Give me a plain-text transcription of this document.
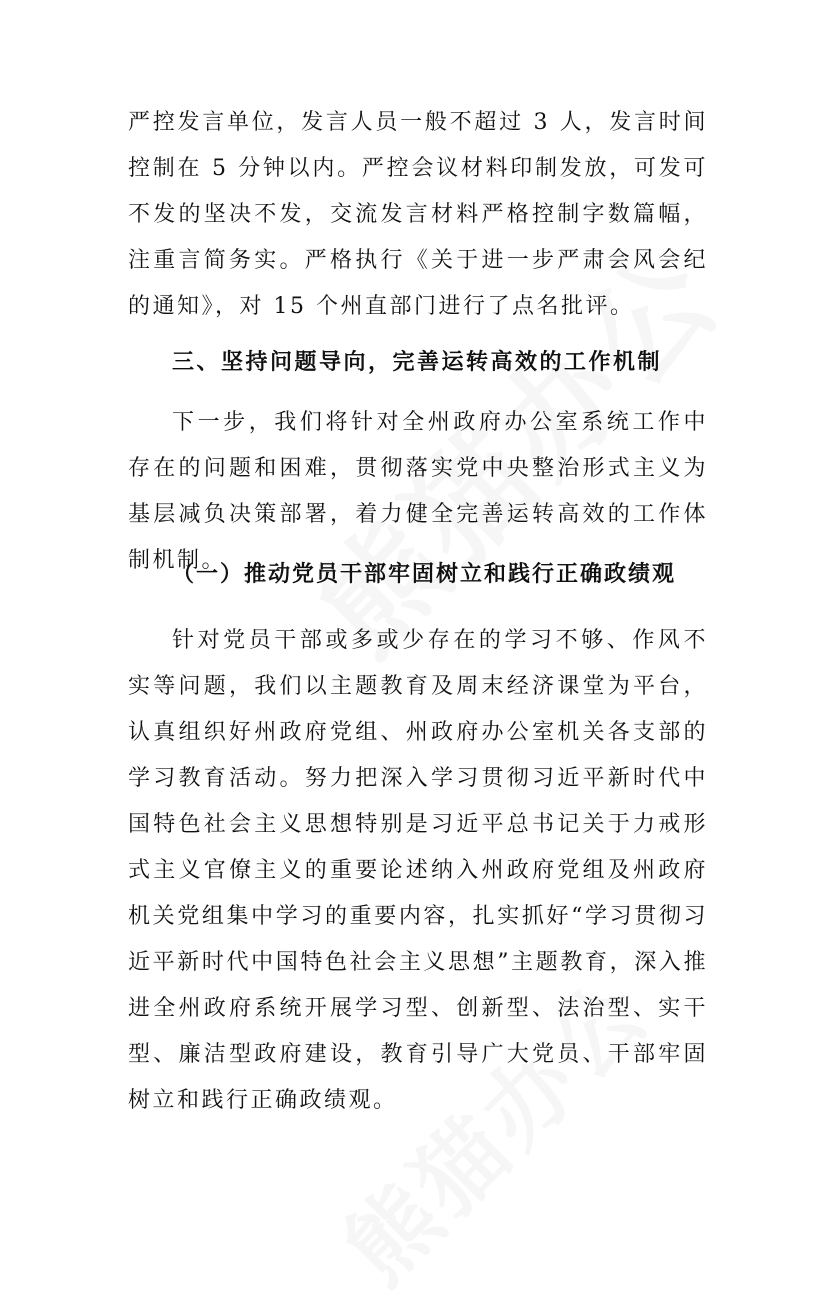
严控发言单位，发言人员一般不超过 3 人，发言时间控制在 5 分钟以内。严控会议材料印制发放，可发可不发的坚决不发，交流发言材料严格控制字数篇幅，注重言简务实。严格执行《关于进一步严肃会风会纪的通知》，对 15 个州直部门进行了点名批评。

三、坚持问题导向，完善运转高效的工作机制

下一步，我们将针对全州政府办公室系统工作中存在的问题和困难，贯彻落实党中央整治形式主义为基层减负决策部署，着力健全完善运转高效的工作体制机制。

（一）推动党员干部牢固树立和践行正确政绩观

针对党员干部或多或少存在的学习不够、作风不实等问题，我们以主题教育及周末经济课堂为平台，认真组织好州政府党组、州政府办公室机关各支部的学习教育活动。努力把深入学习贯彻习近平新时代中国特色社会主义思想特别是习近平总书记关于力戒形式主义官僚主义的重要论述纳入州政府党组及州政府机关党组集中学习的重要内容，扎实抓好“学习贯彻习近平新时代中国特色社会主义思想”主题教育，深入推进全州政府系统开展学习型、创新型、法治型、实干型、廉洁型政府建设，教育引导广大党员、干部牢固树立和践行正确政绩观。
